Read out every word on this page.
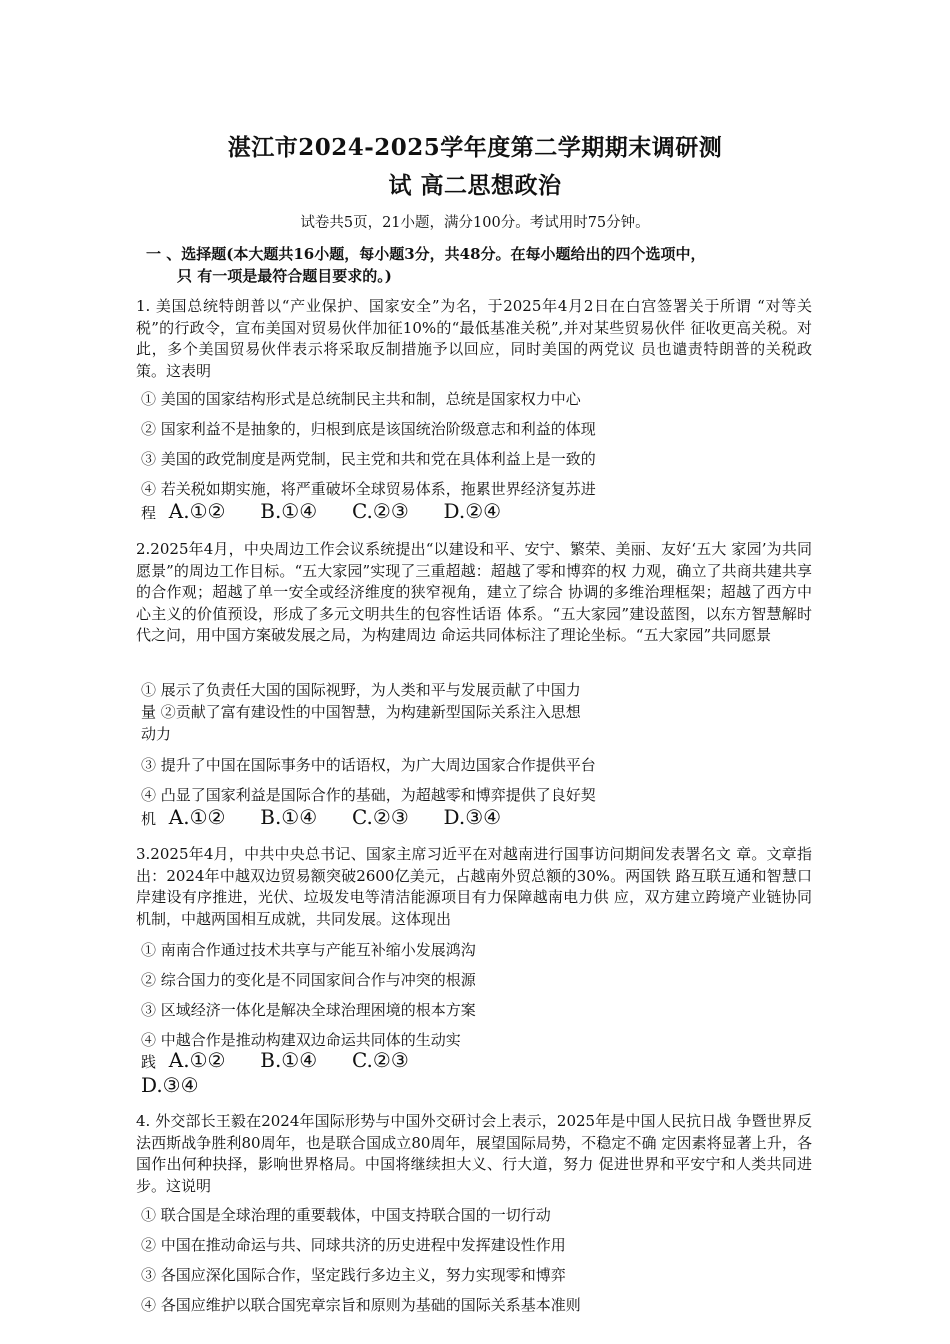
湛江市2024-2025学年度第二学期期末调研测
试 高二思想政治
试卷共5页，21小题，满分100分。考试用时75分钟。
一 、选择题(本大题共16小题，每小题3分，共48分。在每小题给出的四个选项中，
只 有一项是最符合题目要求的。)
1. 美国总统特朗普以“产业保护、国家安全”为名，于2025年4月2日在白宫签署关于所谓 “对等关税”的行政令，宣布美国对贸易伙伴加征10%的“最低基准关税”,并对某些贸易伙伴 征收更高关税。对此，多个美国贸易伙伴表示将采取反制措施予以回应，同时美国的两党议 员也谴责特朗普的关税政策。这表明
① 美国的国家结构形式是总统制民主共和制，总统是国家权力中心
② 国家利益不是抽象的，归根到底是该国统治阶级意志和利益的体现
③ 美国的政党制度是两党制，民主党和共和党在具体利益上是一致的
④ 若关税如期实施，将严重破坏全球贸易体系，拖累世界经济复苏进
程 A.①② B.①④ C.②③ D.②④
2.2025年4月，中央周边工作会议系统提出“以建设和平、安宁、繁荣、美丽、友好‘五大 家园’为共同愿景”的周边工作目标。“五大家园”实现了三重超越：超越了零和博弈的权 力观，确立了共商共建共享的合作观；超越了单一安全或经济维度的狭窄视角，建立了综合 协调的多维治理框架；超越了西方中心主义的价值预设，形成了多元文明共生的包容性话语 体系。“五大家园”建设蓝图，以东方智慧解时代之问，用中国方案破发展之局，为构建周边 命运共同体标注了理论坐标。“五大家园”共同愿景
① 展示了负责任大国的国际视野，为人类和平与发展贡献了中国力
量 ②贡献了富有建设性的中国智慧，为构建新型国际关系注入思想
动力
③ 提升了中国在国际事务中的话语权，为广大周边国家合作提供平台
④ 凸显了国家利益是国际合作的基础，为超越零和博弈提供了良好契
机 A.①② B.①④ C.②③ D.③④
3.2025年4月，中共中央总书记、国家主席习近平在对越南进行国事访问期间发表署名文 章。文章指出：2024年中越双边贸易额突破2600亿美元，占越南外贸总额的30%。两国铁 路互联互通和智慧口岸建设有序推进，光伏、垃圾发电等清洁能源项目有力保障越南电力供 应，双方建立跨境产业链协同机制，中越两国相互成就，共同发展。这体现出
① 南南合作通过技术共享与产能互补缩小发展鸿沟
② 综合国力的变化是不同国家间合作与冲突的根源
③ 区域经济一体化是解决全球治理困境的根本方案
④ 中越合作是推动构建双边命运共同体的生动实
践 A.①② B.①④ C.②③
D.③④
4. 外交部长王毅在2024年国际形势与中国外交研讨会上表示，2025年是中国人民抗日战 争暨世界反法西斯战争胜利80周年，也是联合国成立80周年，展望国际局势，不稳定不确 定因素将显著上升，各国作出何种抉择，影响世界格局。中国将继续担大义、行大道，努力 促进世界和平安宁和人类共同进步。这说明
① 联合国是全球治理的重要载体，中国支持联合国的一切行动
② 中国在推动命运与共、同球共济的历史进程中发挥建设性作用
③ 各国应深化国际合作，坚定践行多边主义，努力实现零和博弈
④ 各国应维护以联合国宪章宗旨和原则为基础的国际关系基本准则
